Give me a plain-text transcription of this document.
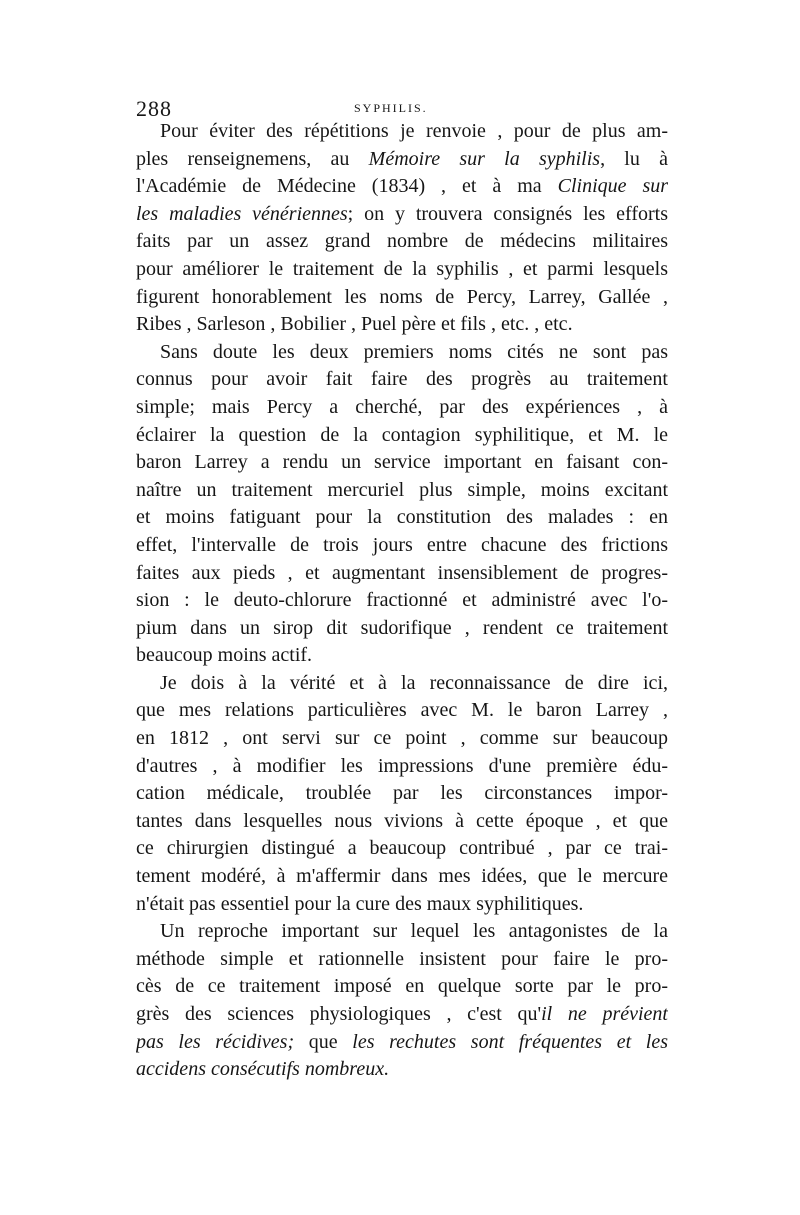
288	SYPHILIS.
Pour éviter des répétitions je renvoie , pour de plus am-
ples renseignemens, au Mémoire sur la syphilis, lu à
l'Académie de Médecine (1834) , et à ma Clinique sur
les maladies vénériennes; on y trouvera consignés les efforts
faits par un assez grand nombre de médecins militaires
pour améliorer le traitement de la syphilis , et parmi lesquels
figurent honorablement les noms de Percy, Larrey, Gallée ,
Ribes , Sarleson , Bobilier , Puel père et fils , etc. , etc.
Sans doute les deux premiers noms cités ne sont pas
connus pour avoir fait faire des progrès au traitement
simple; mais Percy a cherché, par des expériences , à
éclairer la question de la contagion syphilitique, et M. le
baron Larrey a rendu un service important en faisant con-
naître un traitement mercuriel plus simple, moins excitant
et moins fatiguant pour la constitution des malades : en
effet, l'intervalle de trois jours entre chacune des frictions
faites aux pieds , et augmentant insensiblement de progres-
sion : le deuto-chlorure fractionné et administré avec l'o-
pium dans un sirop dit sudorifique , rendent ce traitement
beaucoup moins actif.
Je dois à la vérité et à la reconnaissance de dire ici,
que mes relations particulières avec M. le baron Larrey ,
en 1812 , ont servi sur ce point , comme sur beaucoup
d'autres , à modifier les impressions d'une première édu-
cation médicale, troublée par les circonstances impor-
tantes dans lesquelles nous vivions à cette époque , et que
ce chirurgien distingué a beaucoup contribué , par ce trai-
tement modéré, à m'affermir dans mes idées, que le mercure
n'était pas essentiel pour la cure des maux syphilitiques.
Un reproche important sur lequel les antagonistes de la
méthode simple et rationnelle insistent pour faire le pro-
cès de ce traitement imposé en quelque sorte par le pro-
grès des sciences physiologiques , c'est qu'il ne prévient
pas les récidives; que les rechutes sont fréquentes et les
accidens consécutifs nombreux.
